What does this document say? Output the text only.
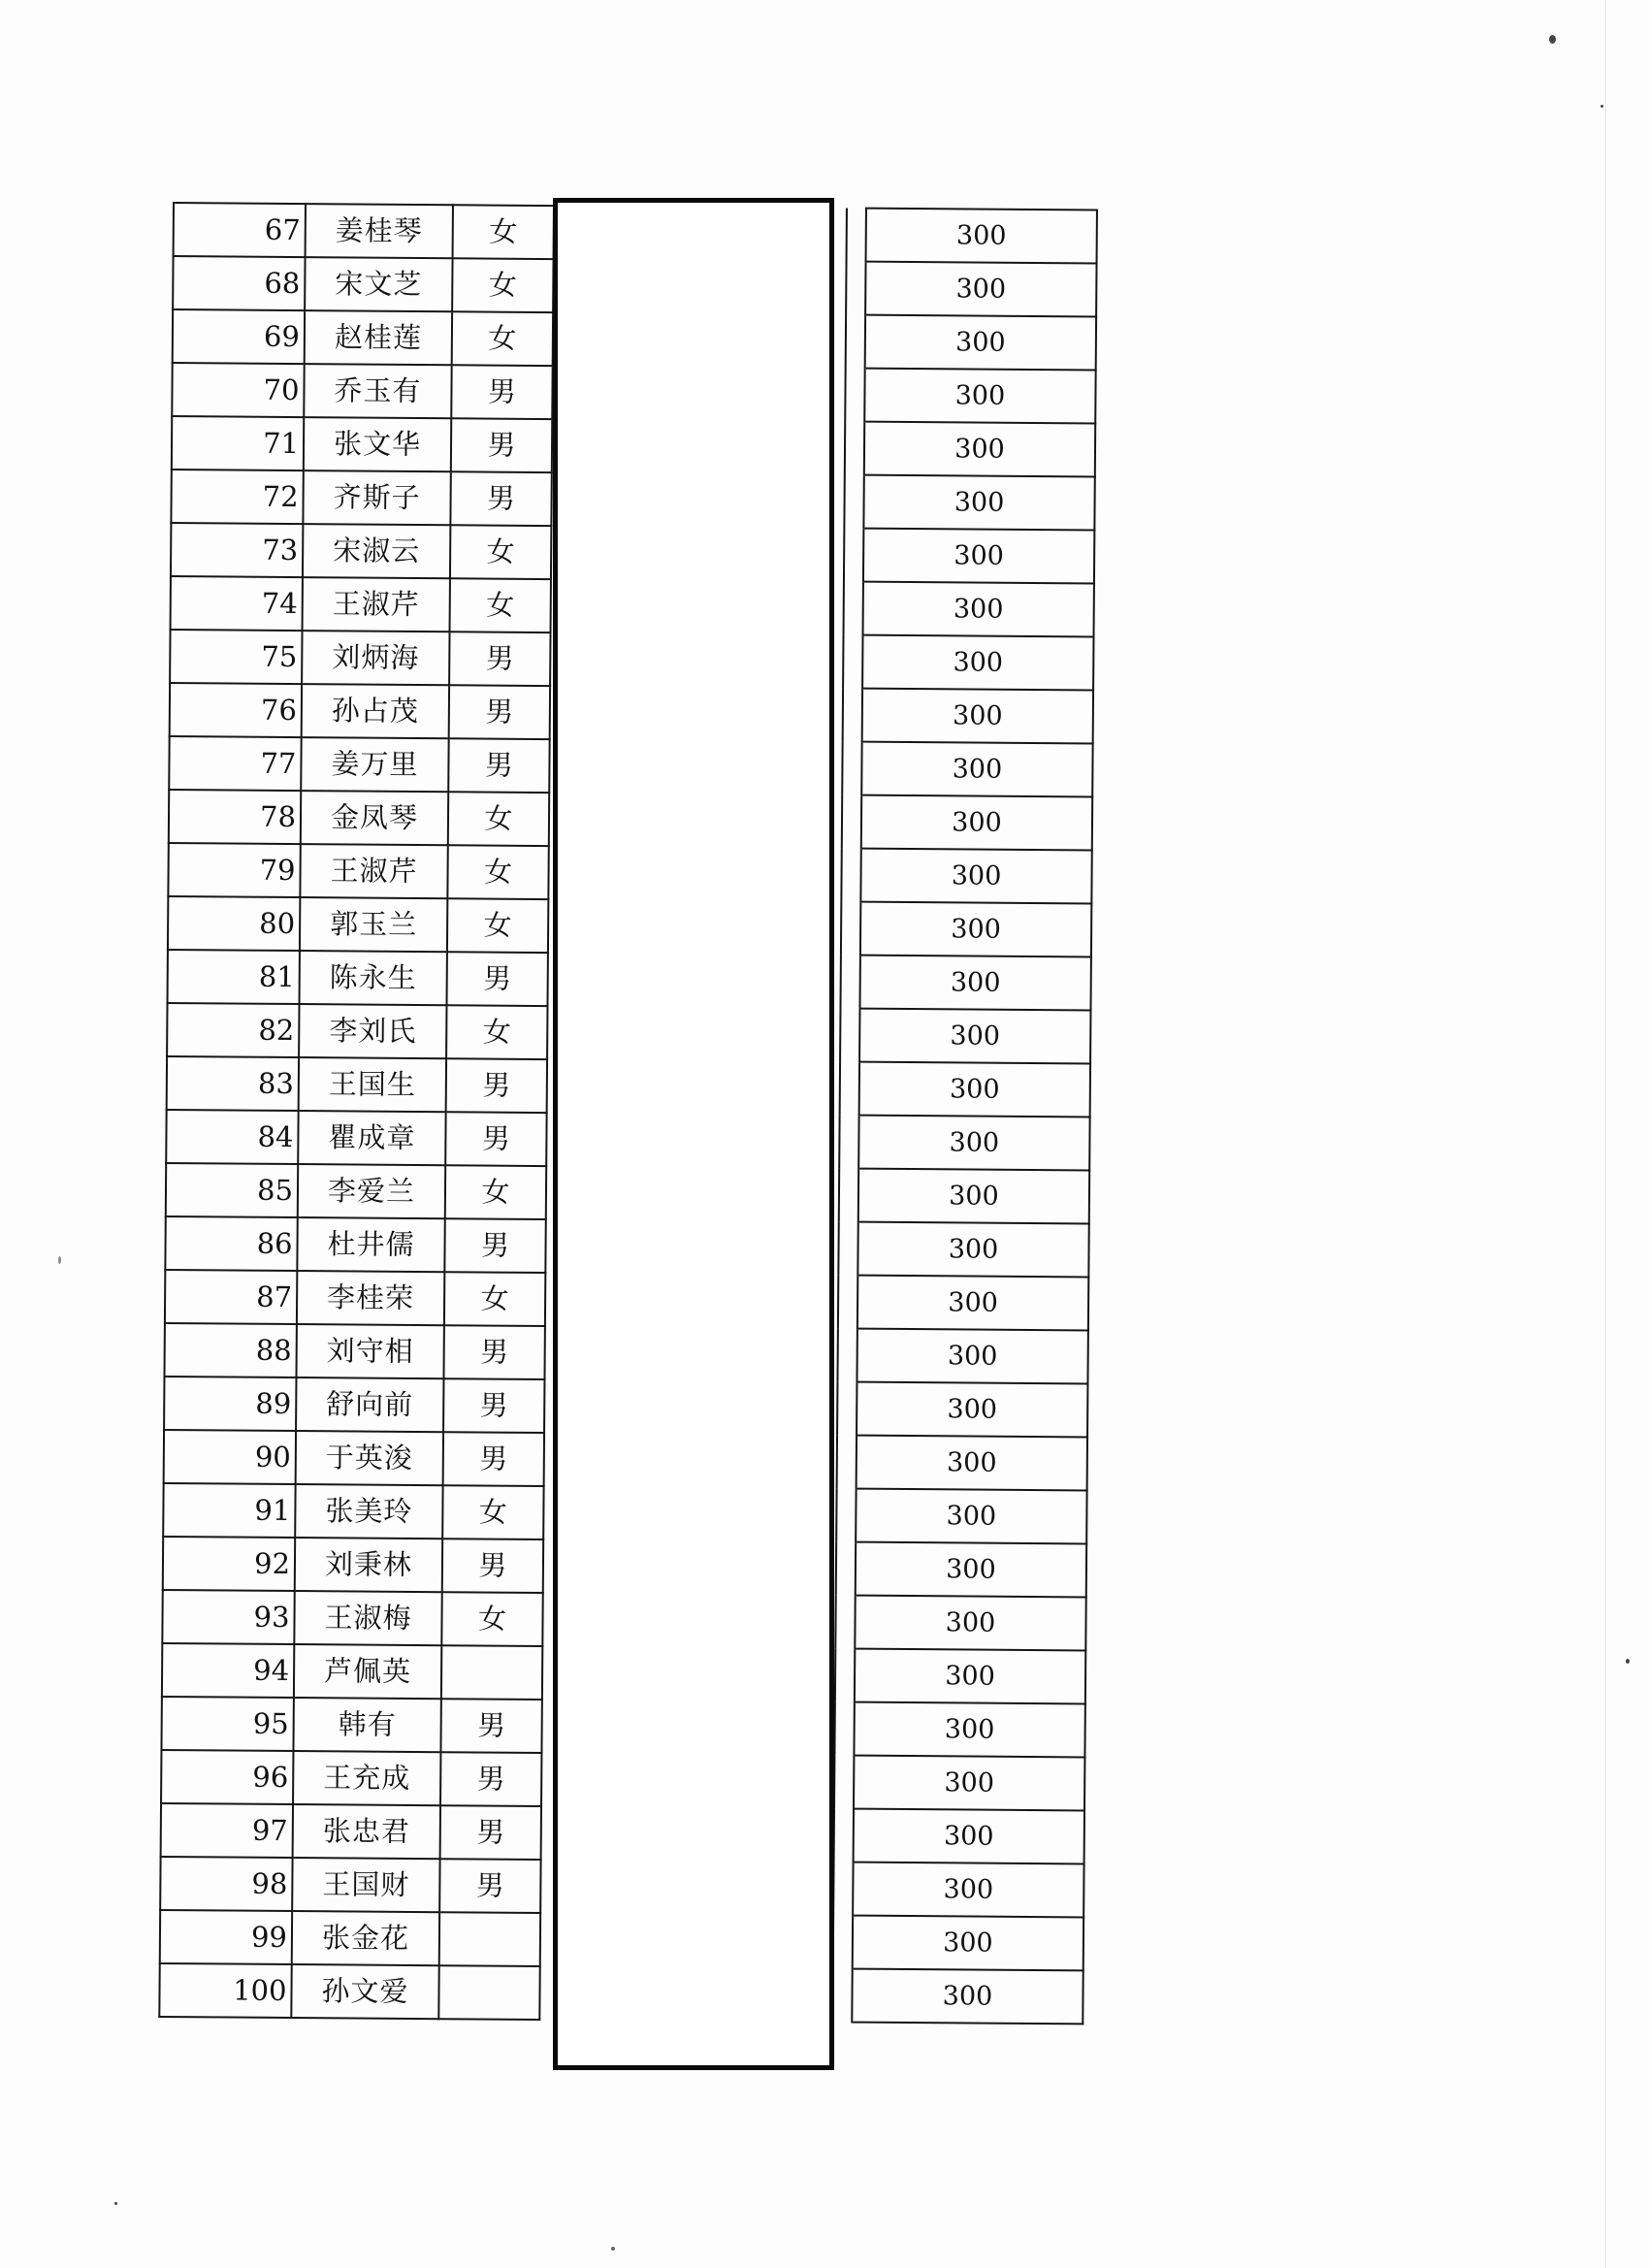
67	姜桂琴	女			300
68	宋文芝	女			300
69	赵桂莲	女			300
70	乔玉有	男			300
71	张文华	男			300
72	齐斯子	男			300
73	宋淑云	女			300
74	王淑芹	女			300
75	刘炳海	男			300
76	孙占茂	男			300
77	姜万里	男			300
78	金凤琴	女			300
79	王淑芹	女			300
80	郭玉兰	女			300
81	陈永生	男			300
82	李刘氏	女			300
83	王国生	男			300
84	瞿成章	男			300
85	李爱兰	女			300
86	杜井儒	男			300
87	李桂荣	女			300
88	刘守相	男			300
89	舒向前	男			300
90	于英浚	男			300
91	张美玲	女			300
92	刘秉林	男			300
93	王淑梅	女			300
94	芦佩英				300
95	韩有	男			300
96	王充成	男			300
97	张忠君	男			300
98	王国财	男			300
99	张金花				300
100	孙文爱				300
